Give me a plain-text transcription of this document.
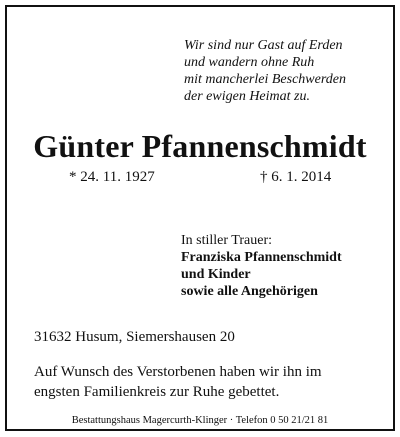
Wir sind nur Gast auf Erden
und wandern ohne Ruh
mit mancherlei Beschwerden
der ewigen Heimat zu.
Günter Pfannenschmidt
* 24. 11. 1927	† 6. 1. 2014
In stiller Trauer:
Franziska Pfannenschmidt
und Kinder
sowie alle Angehörigen
31632 Husum, Siemershausen 20
Auf Wunsch des Verstorbenen haben wir ihn im
engsten Familienkreis zur Ruhe gebettet.
Bestattungshaus Magercurth-Klinger · Telefon 0 50 21/21 81
